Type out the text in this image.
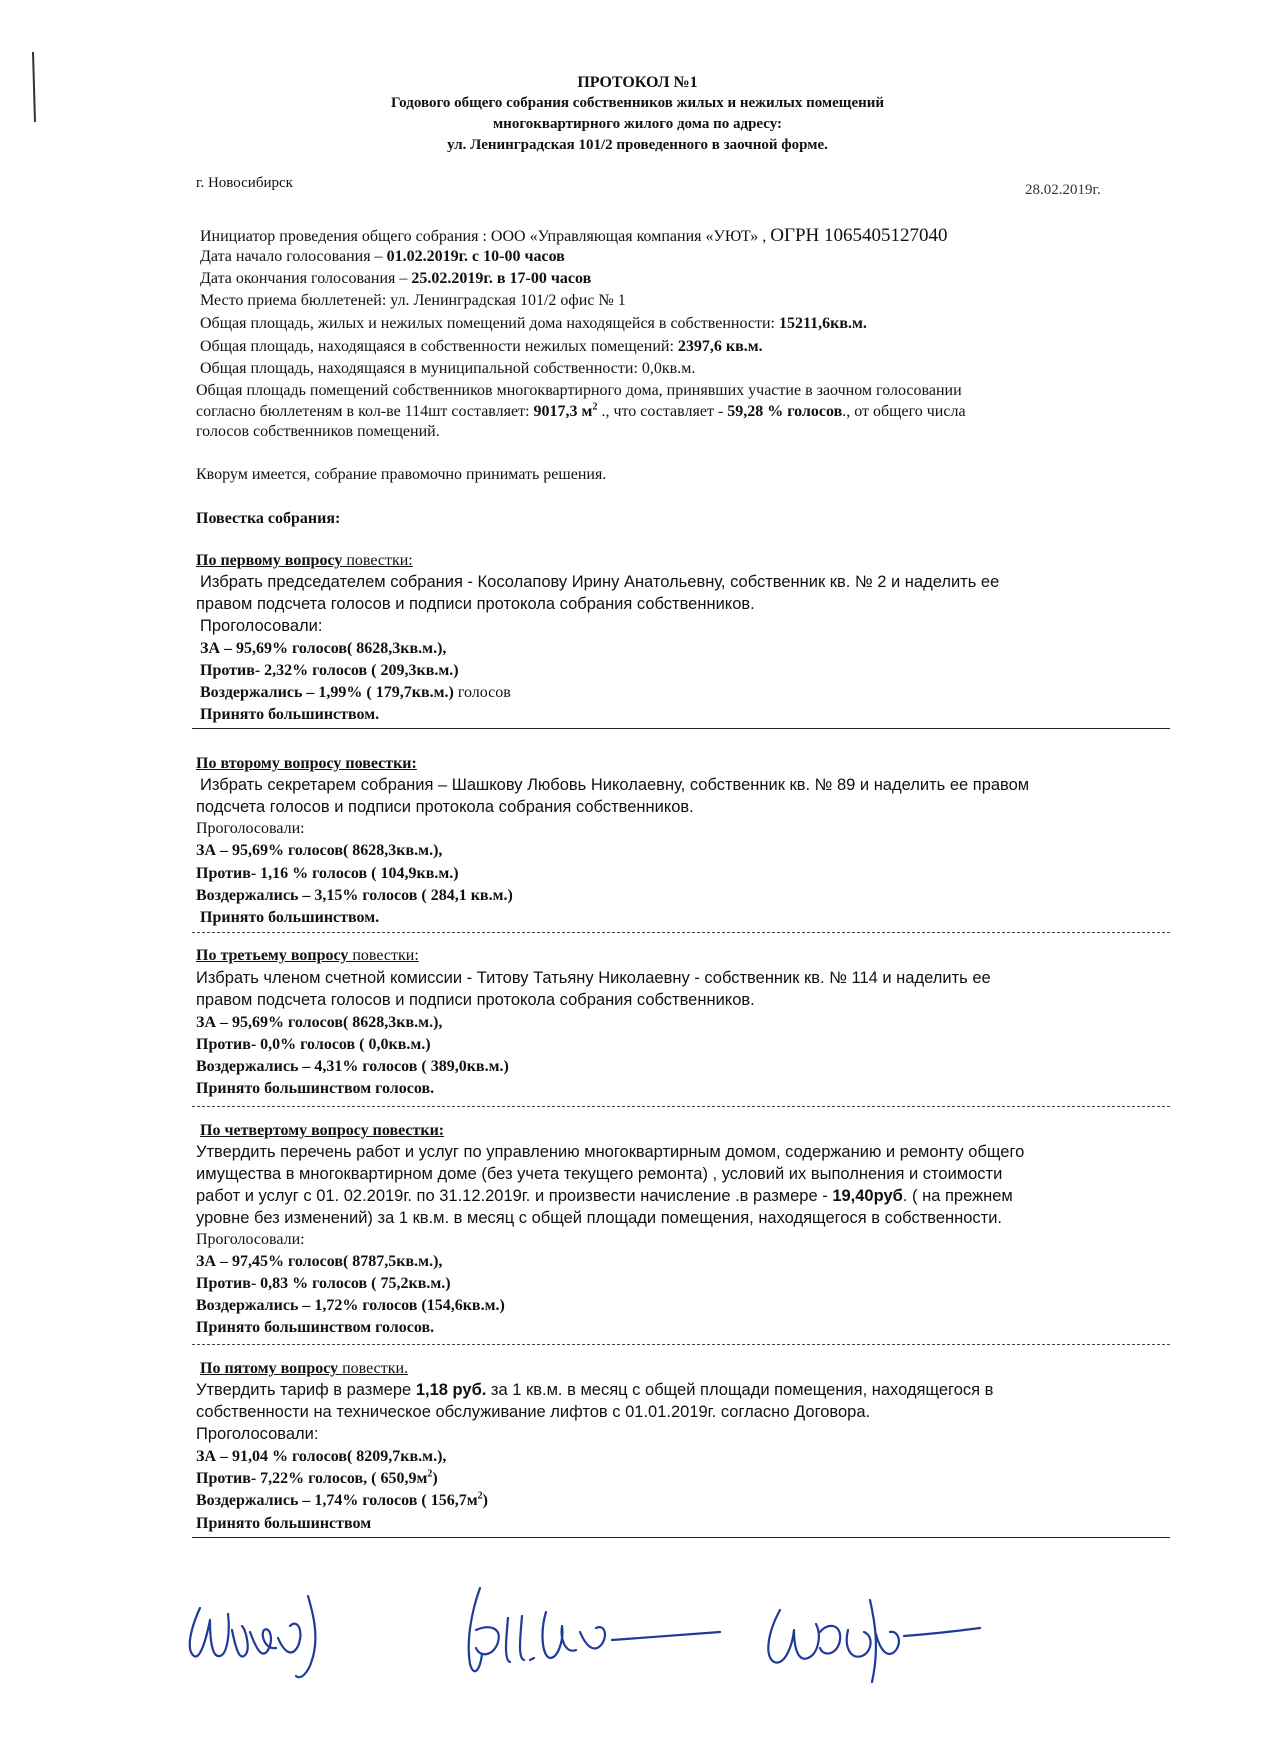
ПРОТОКОЛ №1
Годового общего собрания собственников жилых и нежилых помещений
многоквартирного жилого дома по адресу:
ул. Ленинградская 101/2 проведенного в заочной форме.
г. Новосибирск	28.02.2019г.
Инициатор проведения общего собрания : ООО «Управляющая компания «УЮТ» , ОГРН 1065405127040
Дата начало голосования – 01.02.2019г. с 10-00 часов
Дата окончания голосования – 25.02.2019г. в 17-00 часов
Место приема бюллетеней: ул. Ленинградская 101/2 офис № 1
Общая площадь, жилых и нежилых помещений дома находящейся в собственности: 15211,6кв.м.
Общая площадь, находящаяся в собственности нежилых помещений: 2397,6 кв.м.
Общая площадь, находящаяся в муниципальной собственности: 0,0кв.м.
Общая площадь помещений собственников многоквартирного дома, принявших участие в заочном голосовании
согласно бюллетеням в кол-ве 114шт составляет: 9017,3 $м^2$ ., что составляет - 59,28 % голосов., от общего числа
голосов собственников помещений.
Кворум имеется, собрание правомочно принимать решения.
Повестка собрания:
По первому вопросу повестки:
Избрать председателем собрания - Косолапову Ирину Анатольевну, собственник кв. № 2 и наделить ее
правом подсчета голосов и подписи протокола собрания собственников.
Проголосовали:
ЗА – 95,69% голосов( 8628,3кв.м.),
Против- 2,32% голосов ( 209,3кв.м.)
Воздержались – 1,99% ( 179,7кв.м.) голосов
Принято большинством.
По второму вопросу повестки:
Избрать секретарем собрания – Шашкову Любовь Николаевну, собственник кв. № 89 и наделить ее правом
подсчета голосов и подписи протокола собрания собственников.
Проголосовали:
ЗА – 95,69% голосов( 8628,3кв.м.),
Против- 1,16 % голосов ( 104,9кв.м.)
Воздержались – 3,15% голосов ( 284,1 кв.м.)
Принято большинством.
По третьему вопросу повестки:
Избрать членом счетной комиссии - Титову Татьяну Николаевну - собственник кв. № 114 и наделить ее
правом подсчета голосов и подписи протокола собрания собственников.
ЗА – 95,69% голосов( 8628,3кв.м.),
Против- 0,0% голосов ( 0,0кв.м.)
Воздержались – 4,31% голосов ( 389,0кв.м.)
Принято большинством голосов.
По четвертому вопросу повестки:
Утвердить перечень работ и услуг по управлению многоквартирным домом, содержанию и ремонту общего
имущества в многоквартирном доме (без учета текущего ремонта) , условий их выполнения и стоимости
работ и услуг с 01. 02.2019г. по 31.12.2019г. и произвести начисление .в размере - 19,40руб. ( на прежнем
уровне без изменений) за 1 кв.м. в месяц с общей площади помещения, находящегося в собственности.
Проголосовали:
ЗА – 97,45% голосов( 8787,5кв.м.),
Против- 0,83 % голосов ( 75,2кв.м.)
Воздержались – 1,72% голосов (154,6кв.м.)
Принято большинством голосов.
По пятому вопросу повестки.
Утвердить тариф в размере 1,18 руб. за 1 кв.м. в месяц с общей площади помещения, находящегося в
собственности на техническое обслуживание лифтов с 01.01.2019г. согласно Договора.
Проголосовали:
ЗА – 91,04 % голосов( 8209,7кв.м.),
Против- 7,22% голосов, ( $650,9м^2$)
Воздержались – 1,74% голосов ( $156,7м^2$)
Принято большинством
